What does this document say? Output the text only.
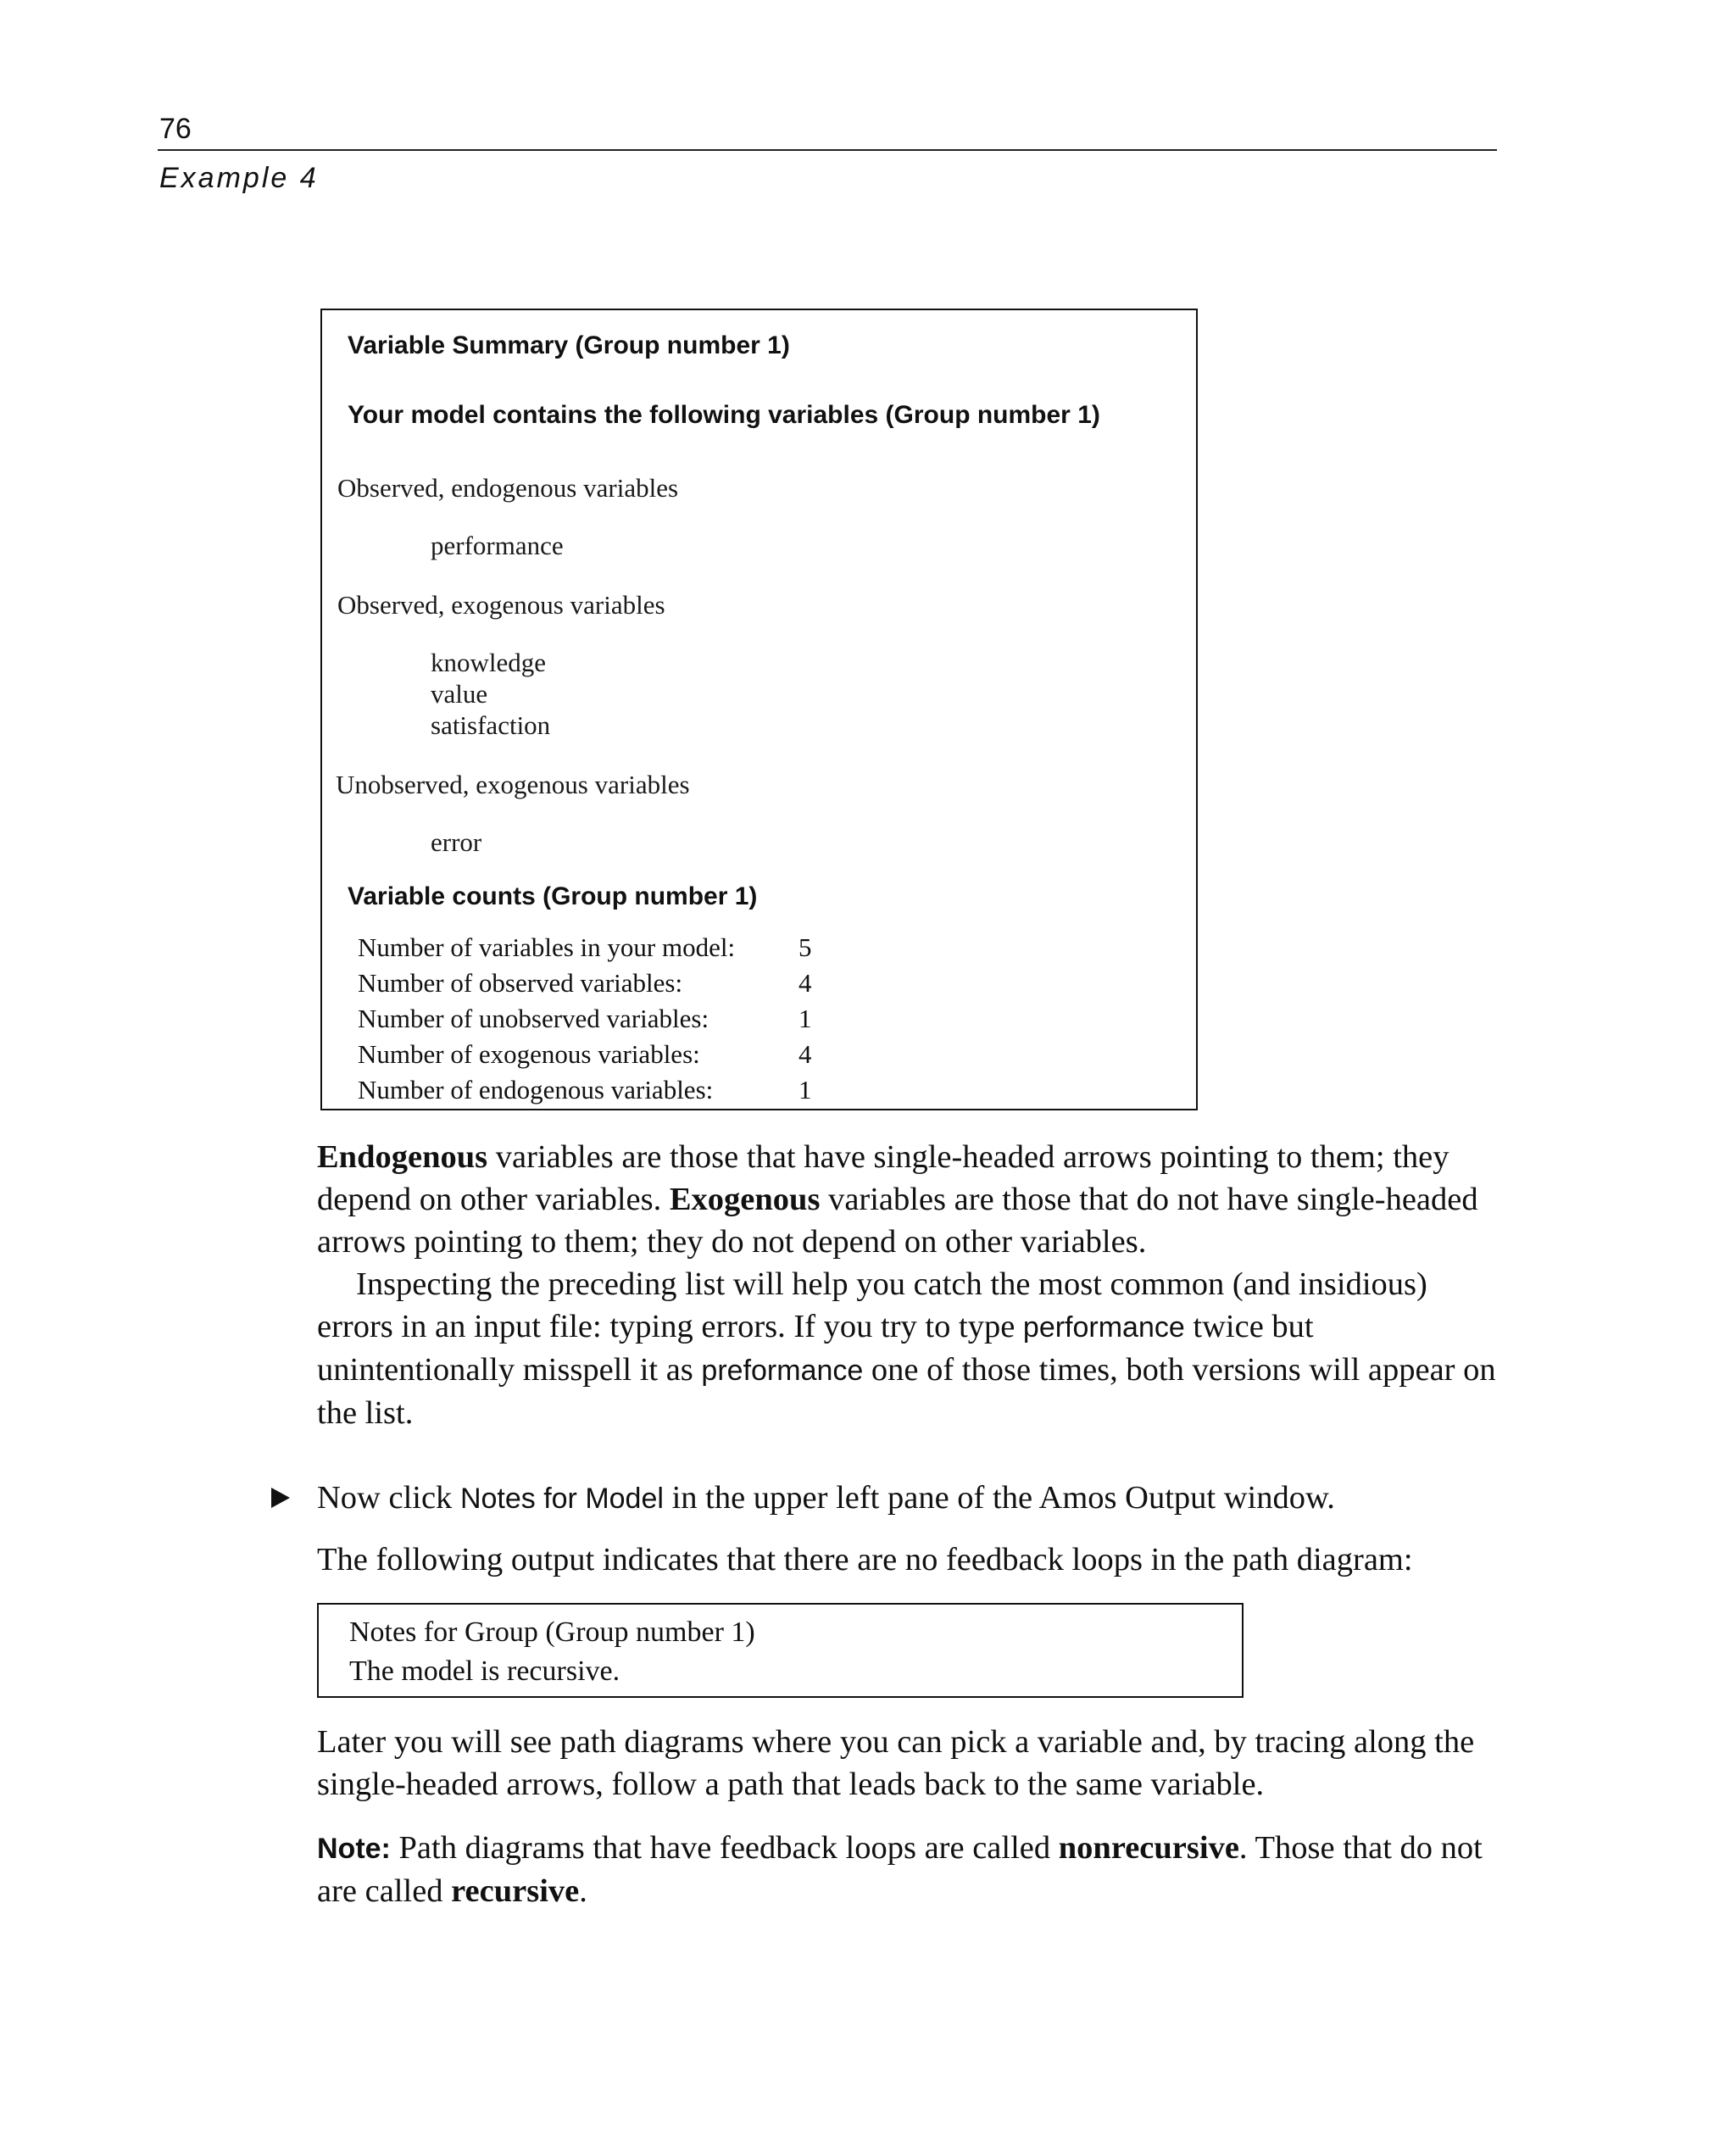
76
Example 4
Variable Summary (Group number 1)
Your model contains the following variables (Group number 1)
Observed, endogenous variables
performance
Observed, exogenous variables
knowledge
value
satisfaction
Unobserved, exogenous variables
error
Variable counts (Group number 1)
Number of variables in your model: 5
Number of observed variables:	4
Number of unobserved variables:	1
Number of exogenous variables:	4
Number of endogenous variables:	1

Endogenous variables are those that have single-headed arrows pointing to them; they depend on other variables. Exogenous variables are those that do not have single-headed arrows pointing to them; they do not depend on other variables.

Inspecting the preceding list will help you catch the most common (and insidious) errors in an input file: typing errors. If you try to type performance twice but unintentionally misspell it as preformance one of those times, both versions will appear on the list.

Now click Notes for Model in the upper left pane of the Amos Output window.

The following output indicates that there are no feedback loops in the path diagram:

Notes for Group (Group number 1)
The model is recursive.

Later you will see path diagrams where you can pick a variable and, by tracing along the single-headed arrows, follow a path that leads back to the same variable.

Note: Path diagrams that have feedback loops are called nonrecursive. Those that do not are called recursive.
